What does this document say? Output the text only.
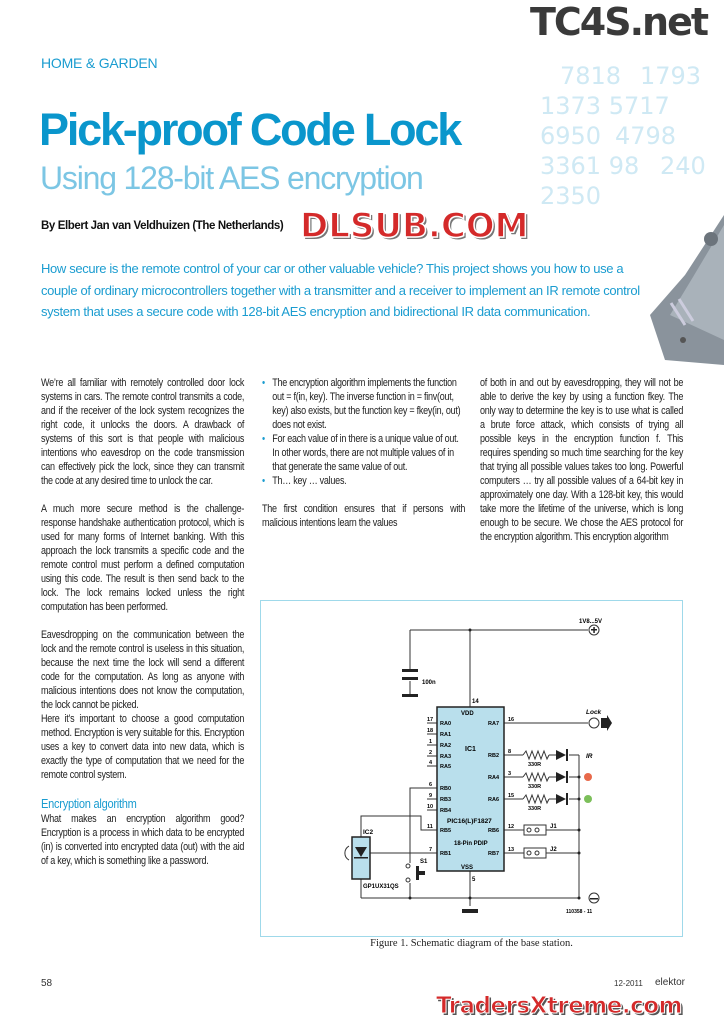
7818 1793
1373 5717
6950 4798
3361 98 240
2350
TC4S.net
HOME & GARDEN
Pick-proof Code Lock
Using 128-bit AES encryption
By Elbert Jan van Veldhuizen (The Netherlands) DLSUB.COM
How secure is the remote control of your car or other valuable vehicle? This project shows you how to use a couple of ordinary microcontrollers together with a transmitter and a receiver to implement an IR remote control system that uses a secure code with 128-bit AES encryption and bidirectional IR data communication.

We’re all familiar with remotely controlled door lock systems in cars. The remote control transmits a code, and if the receiver of the lock system recognizes the right code, it unlocks the doors. A drawback of systems of this sort is that people with malicious intentions who eavesdrop on the code transmission can effectively pick the lock, since they can transmit the code at any desired time to unlock the car.

A much more secure method is the challenge-response handshake authentication protocol, which is used for many forms of Internet banking. With this approach the lock transmits a specific code and the remote control must perform a defined computation using this code. The result is then send back to the lock. The lock remains locked unless the right computation has been performed.

Eavesdropping on the communication between the lock and the remote control is useless in this situation, because the next time the lock will send a different code for the computation. As long as anyone with malicious intentions does not know the computation, the lock cannot be picked.

Here it’s important to choose a good computation method. Encryption is very suitable for this. Encryption uses a key to convert data into new data, which is exactly the type of computation that we need for the remote control system.

Encryption algorithm

What makes an encryption algorithm good? Encryption is a process in which data to be encrypted (in) is converted into encrypted data (out) with the aid of a key, which is something like a password.

• The encryption algorithm implements the function out = f(in, key). The inverse function in = finv(out, key) also exists, but the function key = fkey(in, out) does not exist.
• For each value of in there is a unique value of out. In other words, there are not multiple values of in that generate the same value of out.
• Th… key … values.

The first condition ensures that if persons with malicious intentions learn the values

of both in and out by eavesdropping, they will not be able to derive the key by using a function fkey. The only way to determine the key is to use what is called a brute force attack, which consists of trying all possible keys in the encryption function f. This requires spending so much time searching for the key that trying all possible values takes too long. Powerful computers … try all possible values of a 64-bit key in approximately one day. With a 128-bit key, this would take more the lifetime of the universe, which is long enough to be secure. We chose the AES protocol for the encryption algorithm. This encryption algorithm

1V8...5V
100n
14
VDD
VSS
5
IC1
PIC16(L)F1827
18-Pin PDIP
17
RA0
18
RA1
1
RA2
2
RA3
4
RA5
6
RB0
9
RB3
10
RB4
11
RB5
7
RB1
16
RA7
8
RB2
3
RA4
15
RA6
12
RB6
13
RB7
330R
330R
330R
Lock
IR
J1
J2
IC2
GP1UX31QS
S1
110358 - 11
Figure 1. Schematic diagram of the base station.
58	12-2011 elektor
TradersXtreme.com
